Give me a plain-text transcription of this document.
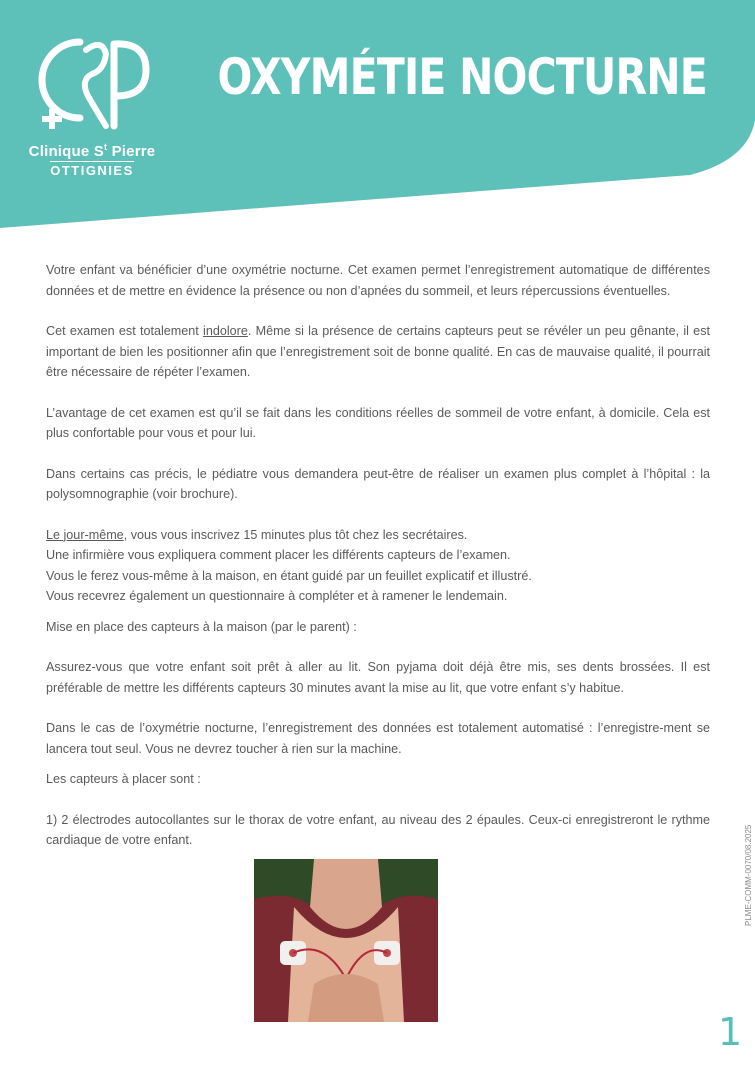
Clinique $S^t$ Pierre
OTTIGNIES
OXYMÉTIE NOCTURNE

Votre enfant va bénéficier d’une oxymétrie nocturne. Cet examen permet l’enregistrement automatique de différentes données et de mettre en évidence la présence ou non d’apnées du sommeil, et leurs répercussions éventuelles.

Cet examen est totalement indolore. Même si la présence de certains capteurs peut se révéler un peu gênante, il est important de bien les positionner afin que l’enregistrement soit de bonne qualité. En cas de mauvaise qualité, il pourrait être nécessaire de répéter l’examen.

L’avantage de cet examen est qu’il se fait dans les conditions réelles de sommeil de votre enfant, à domicile. Cela est plus confortable pour vous et pour lui.

Dans certains cas précis, le pédiatre vous demandera peut-être de réaliser un examen plus complet à l’hôpital : la polysomnographie (voir brochure).

Le jour-même, vous vous inscrivez 15 minutes plus tôt chez les secrétaires.

Une infirmière vous expliquera comment placer les différents capteurs de l’examen.

Vous le ferez vous-même à la maison, en étant guidé par un feuillet explicatif et illustré.

Vous recevrez également un questionnaire à compléter et à ramener le lendemain.

Mise en place des capteurs à la maison (par le parent) :

Assurez-vous que votre enfant soit prêt à aller au lit. Son pyjama doit déjà être mis, ses dents brossées. Il est préférable de mettre les différents capteurs 30 minutes avant la mise au lit, que votre enfant s’y habitue.

Dans le cas de l’oxymétrie nocturne, l’enregistrement des données est totalement automatisé : l’enregistre-ment se lancera tout seul. Vous ne devrez toucher à rien sur la machine.

Les capteurs à placer sont :

1) 2 électrodes autocollantes sur le thorax de votre enfant, au niveau des 2 épaules. Ceux-ci enregistreront le rythme cardiaque de votre enfant.	PLME-COMM-0070/08.2025
1
